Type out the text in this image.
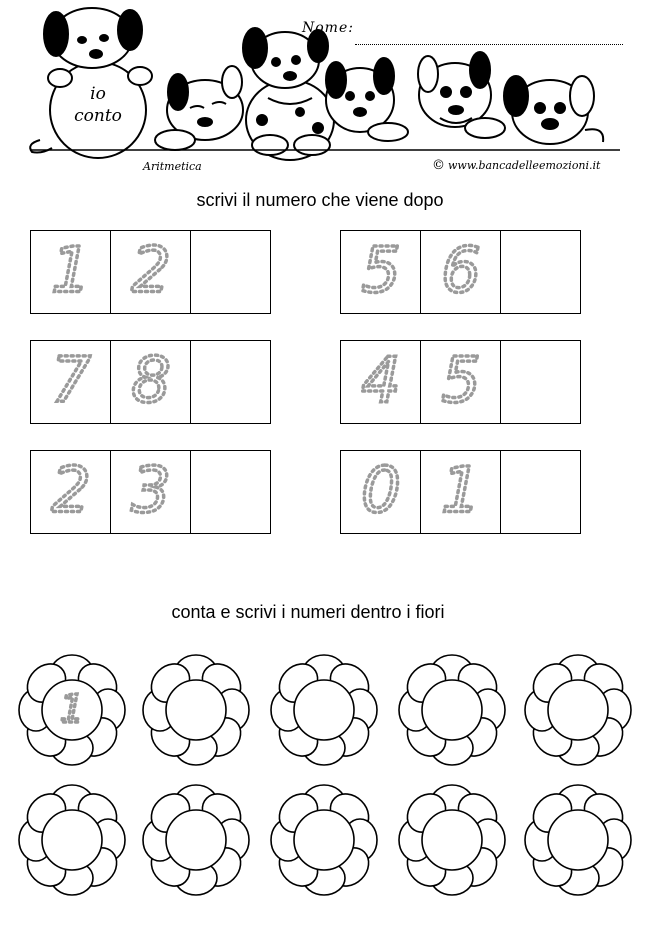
io
conto
Nome:
Aritmetica	© www.bancadelleemozioni.it
scrivi il numero che viene dopo
1 2	5 6
7 8	4 5
2 3	0 1
conta e scrivi i numeri dentro i fiori
1
